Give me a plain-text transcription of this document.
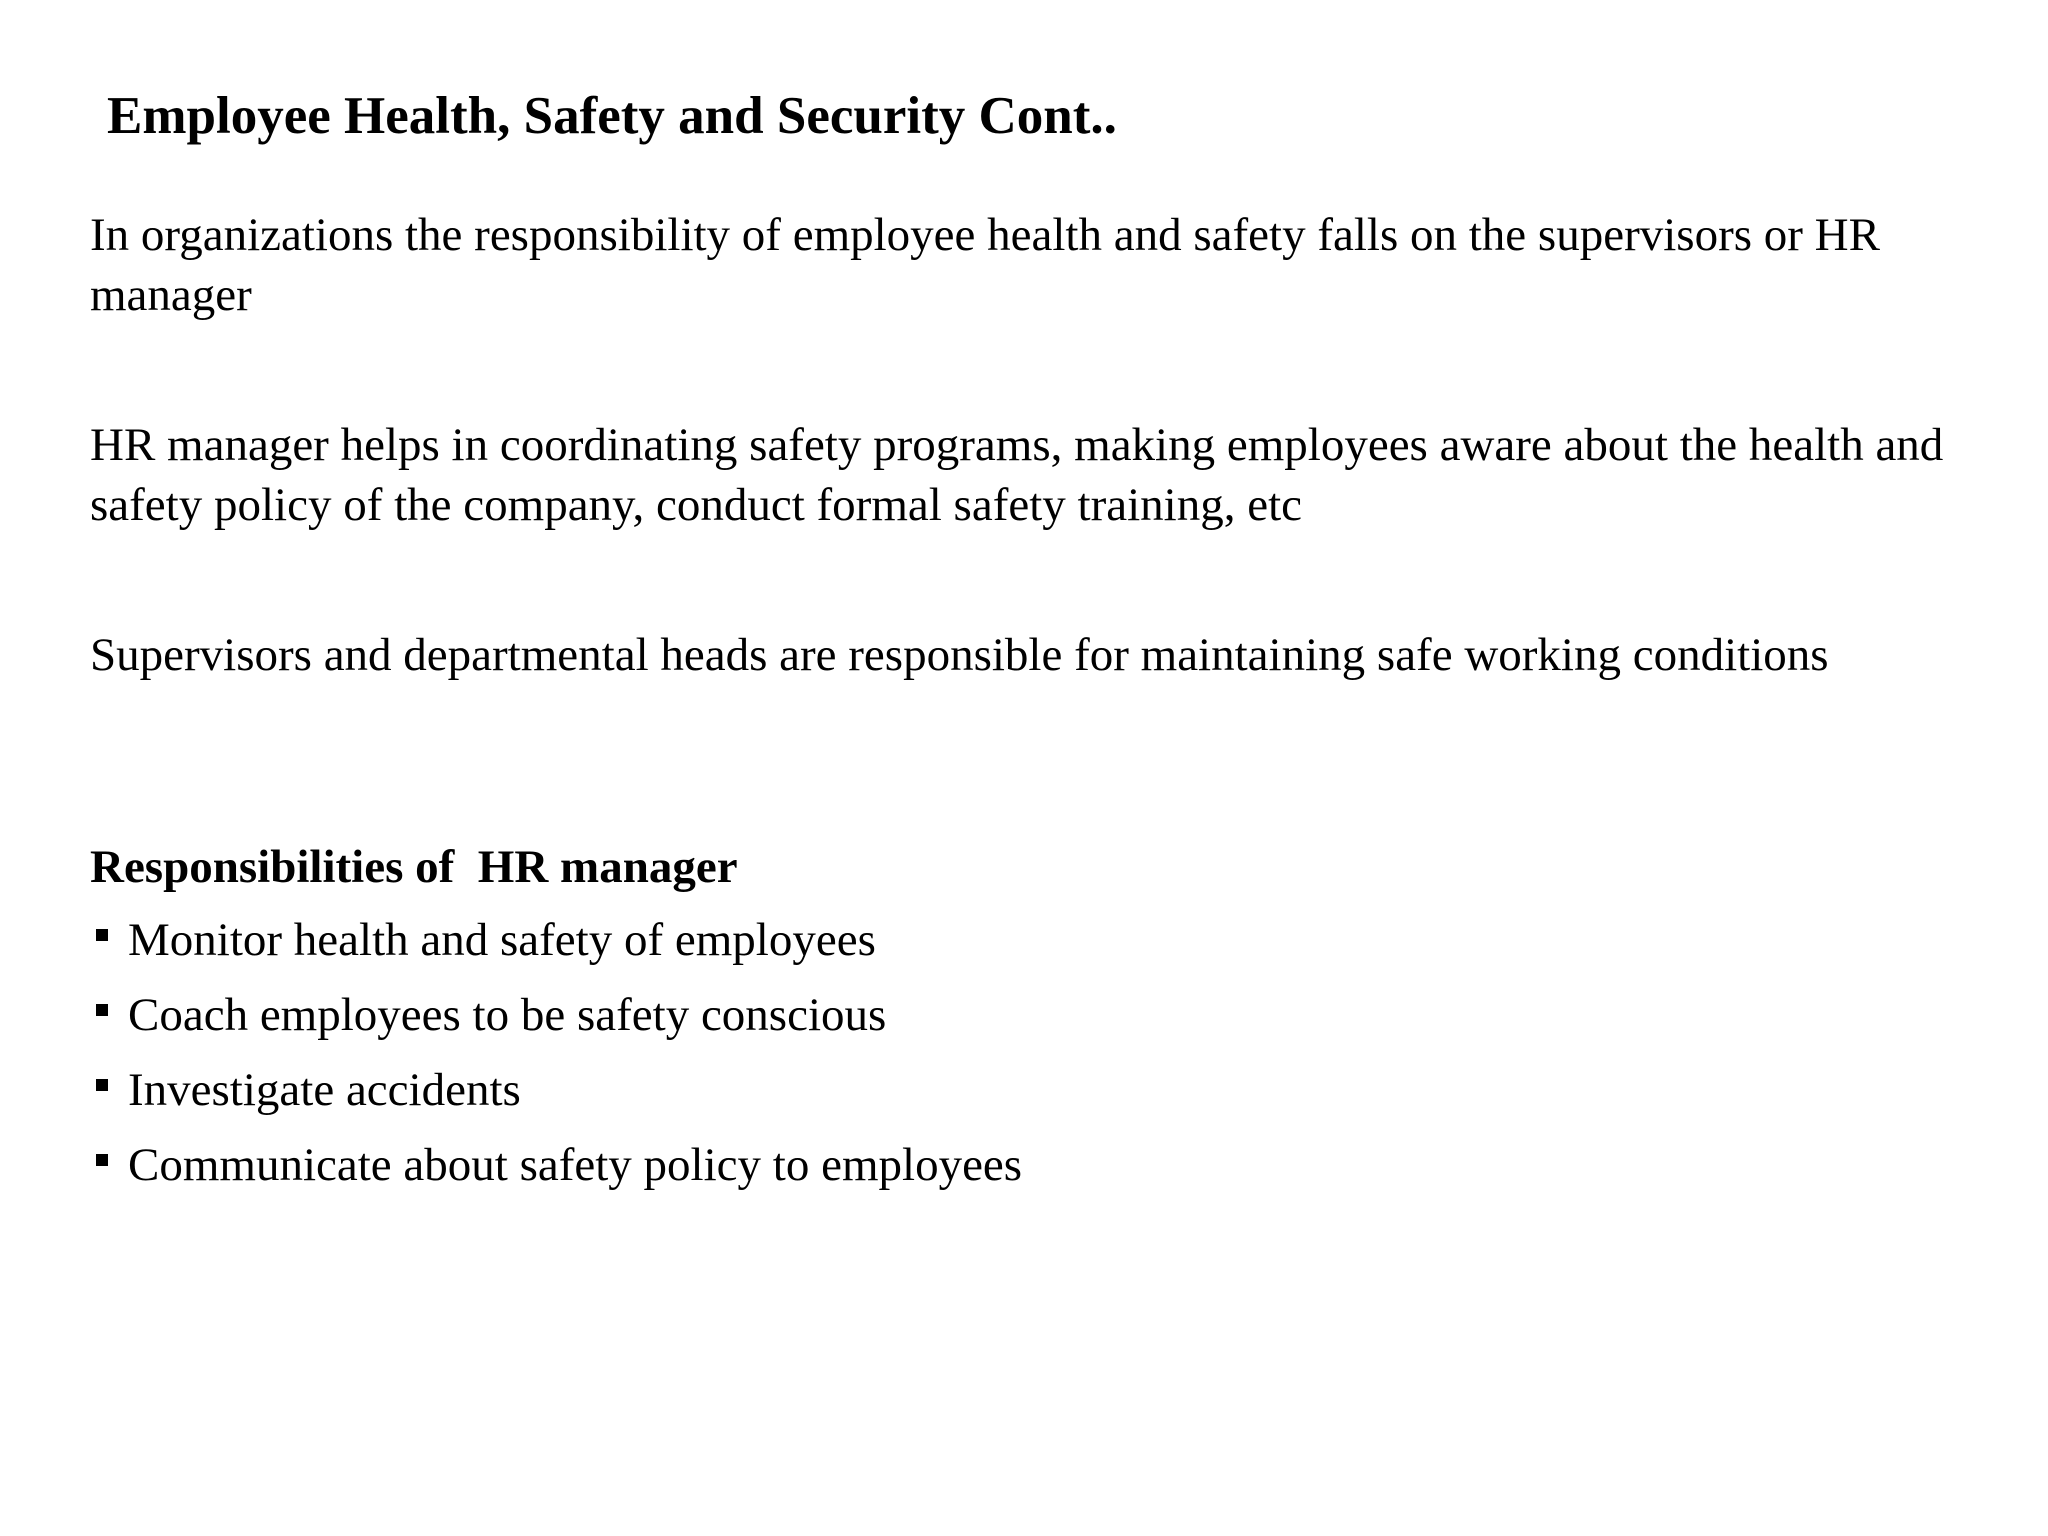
Employee Health, Safety and Security Cont..

In organizations the responsibility of employee health and safety falls on the supervisors or HR manager

HR manager helps in coordinating safety programs, making employees aware about the health and safety policy of the company, conduct formal safety training, etc

Supervisors and departmental heads are responsible for maintaining safe working conditions

Responsibilities of  HR manager
Monitor health and safety of employees
Coach employees to be safety conscious
Investigate accidents
Communicate about safety policy to employees
